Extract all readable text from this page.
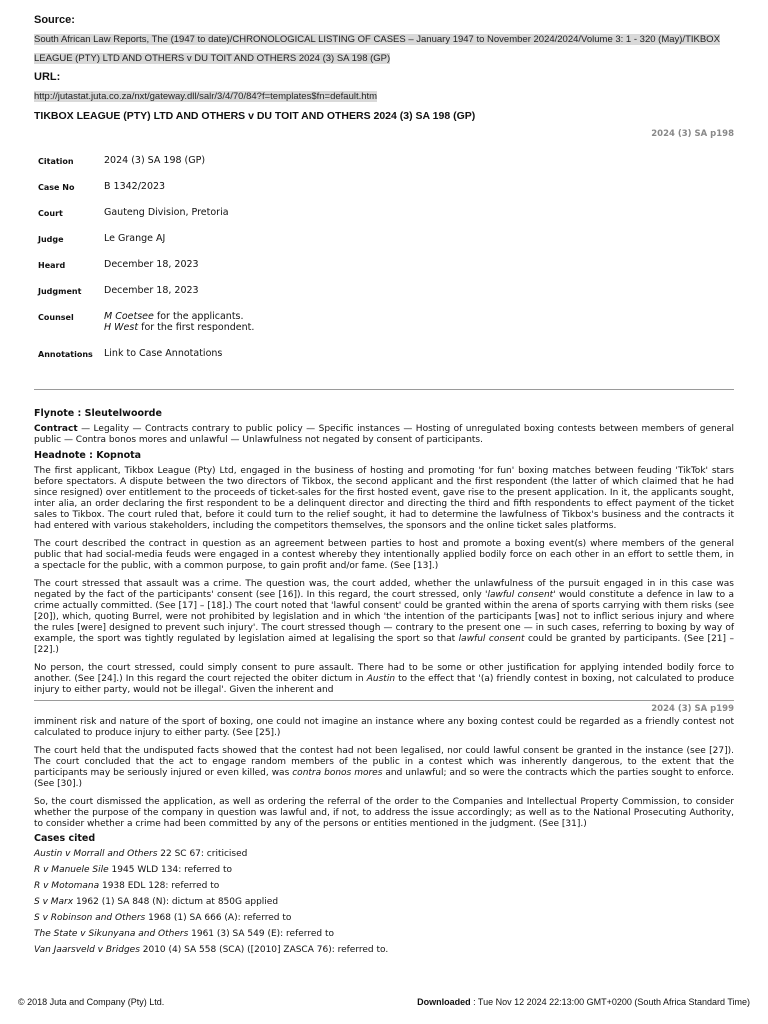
Source:

South African Law Reports, The (1947 to date)/CHRONOLOGICAL LISTING OF CASES – January 1947 to November 2024/2024/Volume 3: 1 - 320 (May)/TIKBOX LEAGUE (PTY) LTD AND OTHERS v DU TOIT AND OTHERS 2024 (3) SA 198 (GP)

URL:

http://jutastat.juta.co.za/nxt/gateway.dll/salr/3/4/70/84?f=templates$fn=default.htm

TIKBOX LEAGUE (PTY) LTD AND OTHERS v DU TOIT AND OTHERS 2024 (3) SA 198 (GP)

2024 (3) SA p198

Citation	2024 (3) SA 198 (GP)
Case No	B 1342/2023
Court	Gauteng Division, Pretoria
Judge	Le Grange AJ
Heard	December 18, 2023
Judgment	December 18, 2023
Counsel	M Coetsee for the applicants.
H West for the first respondent.
Annotations	Link to Case Annotations

Flynote : Sleutelwoorde

Contract — Legality — Contracts contrary to public policy — Specific instances — Hosting of unregulated boxing contests between members of general public — Contra bonos mores and unlawful — Unlawfulness not negated by consent of participants.

Headnote : Kopnota

The first applicant, Tikbox League (Pty) Ltd, engaged in the business of hosting and promoting 'for fun' boxing matches between feuding 'TikTok' stars before spectators. A dispute between the two directors of Tikbox, the second applicant and the first respondent (the latter of which claimed that he had since resigned) over entitlement to the proceeds of ticket-sales for the first hosted event, gave rise to the present application. In it, the applicants sought, inter alia, an order declaring the first respondent to be a delinquent director and directing the third and fifth respondents to effect payment of the ticket sales to Tikbox. The court ruled that, before it could turn to the relief sought, it had to determine the lawfulness of Tikbox's business and the contracts it had entered with various stakeholders, including the competitors themselves, the sponsors and the online ticket sales platforms.

The court described the contract in question as an agreement between parties to host and promote a boxing event(s) where members of the general public that had social-media feuds were engaged in a contest whereby they intentionally applied bodily force on each other in an effort to settle them, in a spectacle for the public, with a common purpose, to gain profit and/or fame. (See [13].)

The court stressed that assault was a crime. The question was, the court added, whether the unlawfulness of the pursuit engaged in in this case was negated by the fact of the participants' consent (see [16]). In this regard, the court stressed, only 'lawful consent' would constitute a defence in law to a crime actually committed. (See [17] – [18].) The court noted that 'lawful consent' could be granted within the arena of sports carrying with them risks (see [20]), which, quoting Burrel, were not prohibited by legislation and in which 'the intention of the participants [was] not to inflict serious injury and where the rules [were] designed to prevent such injury'. The court stressed though — contrary to the present one — in such cases, referring to boxing by way of example, the sport was tightly regulated by legislation aimed at legalising the sport so that lawful consent could be granted by participants. (See [21] – [22].)

No person, the court stressed, could simply consent to pure assault. There had to be some or other justification for applying intended bodily force to another. (See [24].) In this regard the court rejected the obiter dictum in Austin to the effect that '(a) friendly contest in boxing, not calculated to produce injury to either party, would not be illegal'. Given the inherent and

2024 (3) SA p199

imminent risk and nature of the sport of boxing, one could not imagine an instance where any boxing contest could be regarded as a friendly contest not calculated to produce injury to either party. (See [25].)

The court held that the undisputed facts showed that the contest had not been legalised, nor could lawful consent be granted in the instance (see [27]). The court concluded that the act to engage random members of the public in a contest which was inherently dangerous, to the extent that the participants may be seriously injured or even killed, was contra bonos mores and unlawful; and so were the contracts which the parties sought to enforce. (See [30].)

So, the court dismissed the application, as well as ordering the referral of the order to the Companies and Intellectual Property Commission, to consider whether the purpose of the company in question was lawful and, if not, to address the issue accordingly; as well as to the National Prosecuting Authority, to consider whether a crime had been committed by any of the persons or entities mentioned in the judgment. (See [31].)

Cases cited

Austin v Morrall and Others 22 SC 67: criticised

R v Manuele Sile 1945 WLD 134: referred to

R v Motomana 1938 EDL 128: referred to

S v Marx 1962 (1) SA 848 (N): dictum at 850G applied

S v Robinson and Others 1968 (1) SA 666 (A): referred to

The State v Sikunyana and Others 1961 (3) SA 549 (E): referred to

Van Jaarsveld v Bridges 2010 (4) SA 558 (SCA) ([2010] ZASCA 76): referred to.

© 2018 Juta and Company (Pty) Ltd.	Downloaded : Tue Nov 12 2024 22:13:00 GMT+0200 (South Africa Standard Time)
